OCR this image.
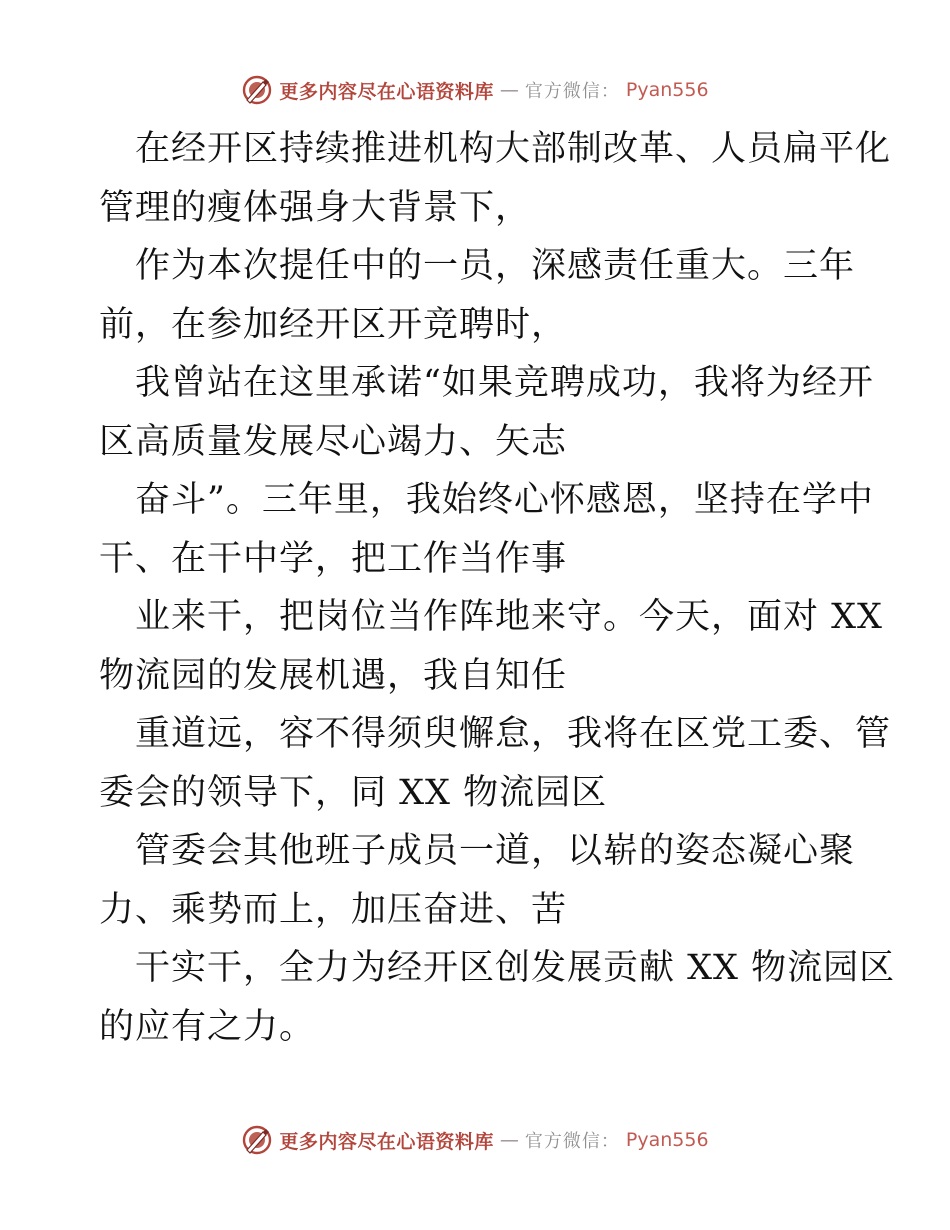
更多内容尽在心语资料库 — 官方微信： Pyan556
在经开区持续推进机构大部制改革、人员扁平化
管理的瘦体强身大背景下，
作为本次提任中的一员，深感责任重大。三年
前，在参加经开区开竞聘时，
我曾站在这里承诺“如果竞聘成功，我将为经开
区高质量发展尽心竭力、矢志
奋斗”。三年里，我始终心怀感恩，坚持在学中
干、在干中学，把工作当作事
业来干，把岗位当作阵地来守。今天，面对 XX
物流园的发展机遇，我自知任
重道远，容不得须臾懈怠，我将在区党工委、管
委会的领导下，同 XX 物流园区
管委会其他班子成员一道，以崭的姿态凝心聚
力、乘势而上，加压奋进、苦
干实干，全力为经开区创发展贡献 XX 物流园区
的应有之力。
更多内容尽在心语资料库 — 官方微信： Pyan556
